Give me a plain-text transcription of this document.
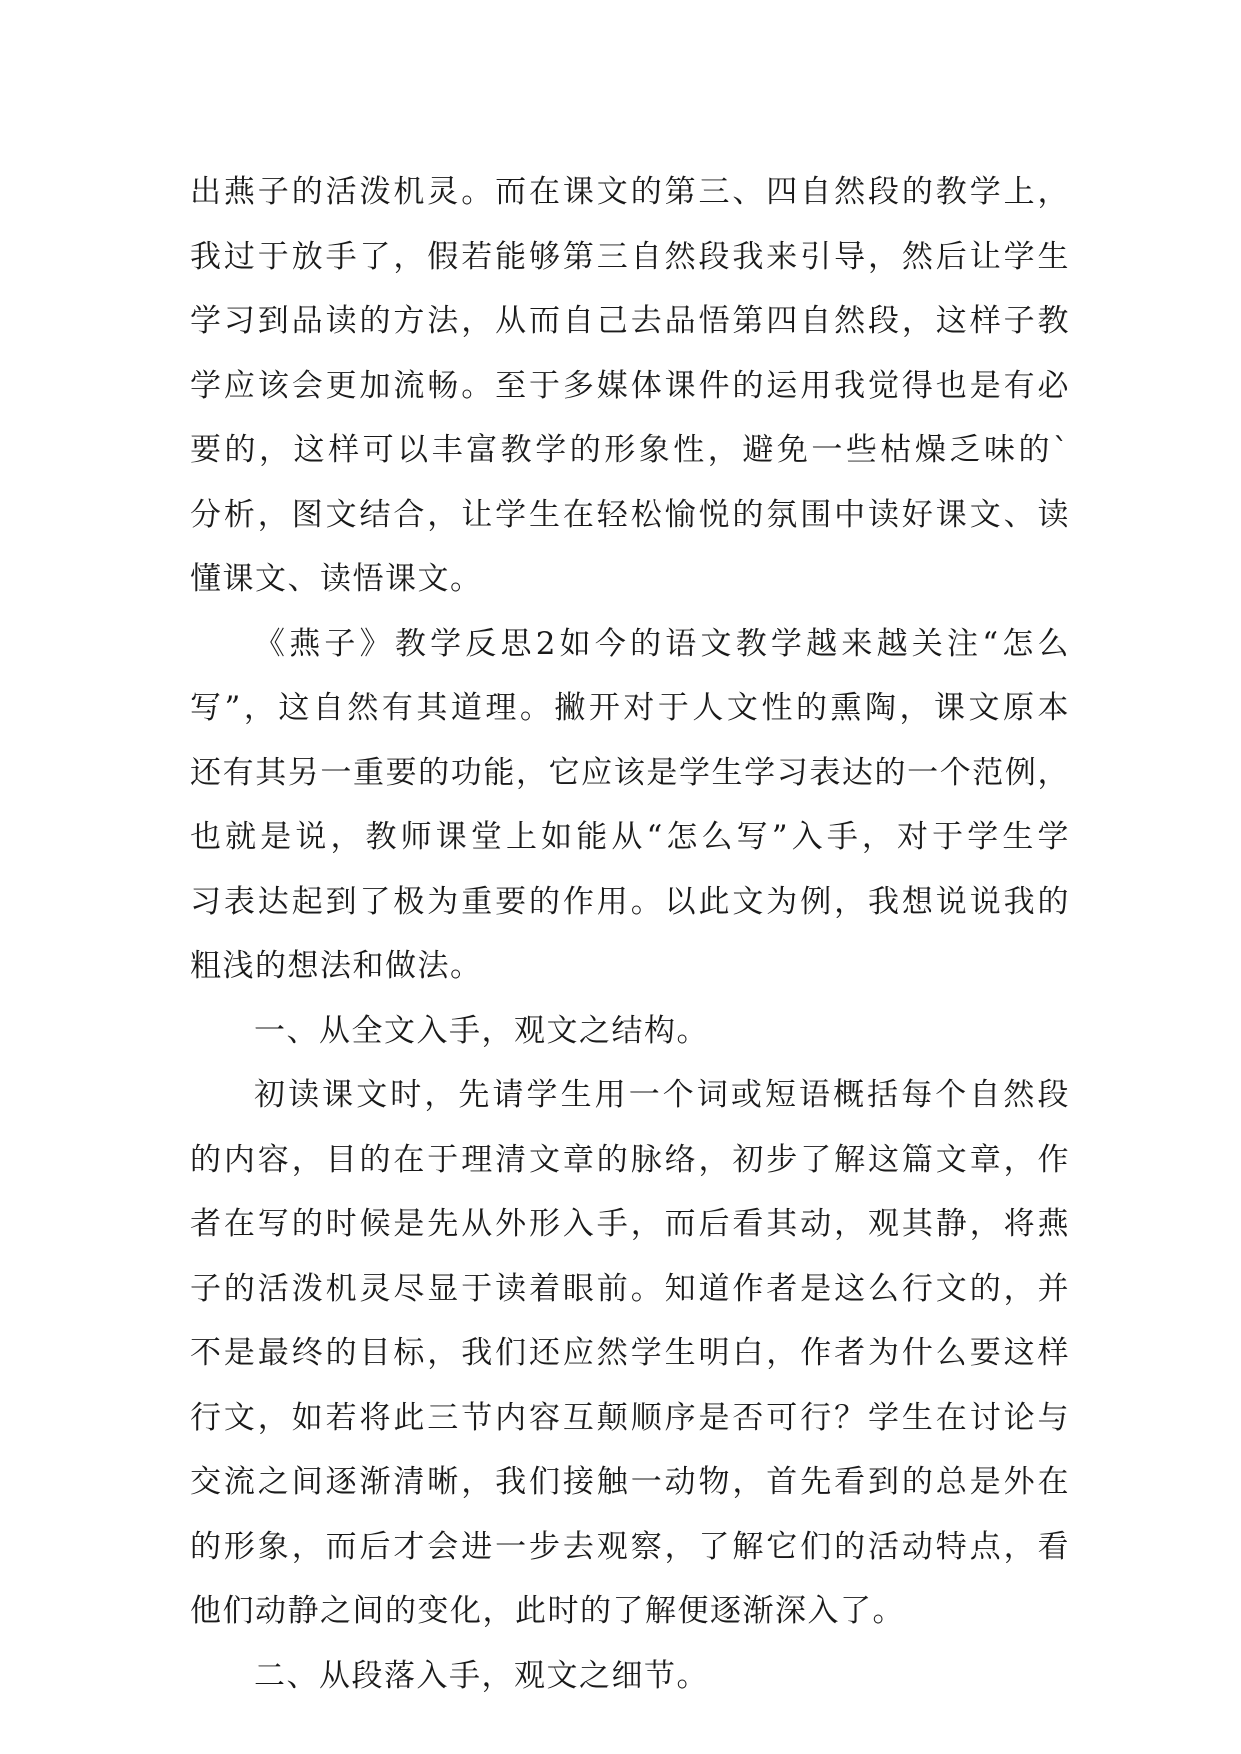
出燕子的活泼机灵。而在课文的第三、四自然段的教学上，
我过于放手了，假若能够第三自然段我来引导，然后让学生
学习到品读的方法，从而自己去品悟第四自然段，这样子教
学应该会更加流畅。至于多媒体课件的运用我觉得也是有必
要的，这样可以丰富教学的形象性，避免一些枯燥乏味的`
分析，图文结合，让学生在轻松愉悦的氛围中读好课文、读
懂课文、读悟课文。
《燕子》教学反思2如今的语文教学越来越关注“怎么
写”，这自然有其道理。撇开对于人文性的熏陶，课文原本
还有其另一重要的功能，它应该是学生学习表达的一个范例，
也就是说，教师课堂上如能从“怎么写”入手，对于学生学
习表达起到了极为重要的作用。以此文为例，我想说说我的
粗浅的想法和做法。
一、从全文入手，观文之结构。
初读课文时，先请学生用一个词或短语概括每个自然段
的内容，目的在于理清文章的脉络，初步了解这篇文章，作
者在写的时候是先从外形入手，而后看其动，观其静，将燕
子的活泼机灵尽显于读着眼前。知道作者是这么行文的，并
不是最终的目标，我们还应然学生明白，作者为什么要这样
行文，如若将此三节内容互颠顺序是否可行？学生在讨论与
交流之间逐渐清晰，我们接触一动物，首先看到的总是外在
的形象，而后才会进一步去观察，了解它们的活动特点，看
他们动静之间的变化，此时的了解便逐渐深入了。
二、从段落入手，观文之细节。
